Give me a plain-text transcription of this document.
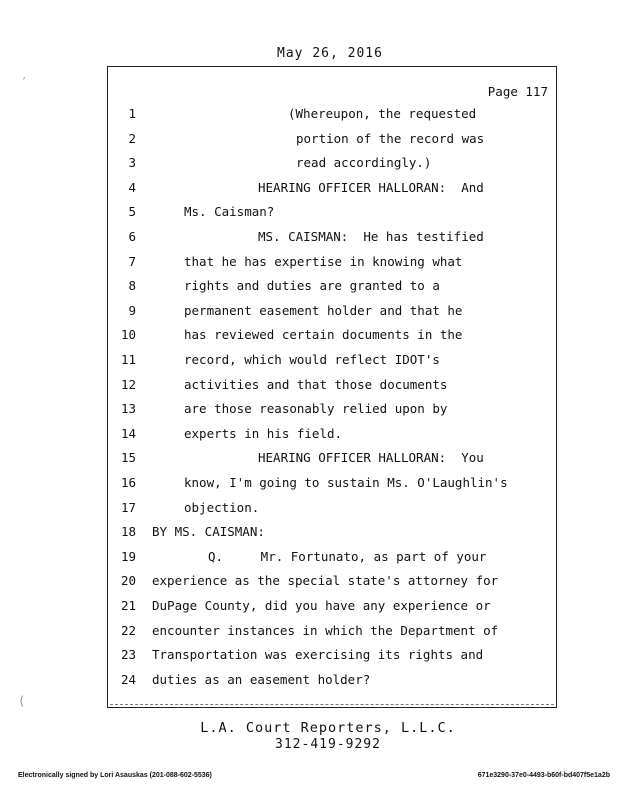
May 26, 2016
Page 117
1	(Whereupon, the requested
2	portion of the record was
3	read accordingly.)
4	HEARING OFFICER HALLORAN:  And
5	Ms. Caisman?
6	MS. CAISMAN:  He has testified
7	that he has expertise in knowing what
8	rights and duties are granted to a
9	permanent easement holder and that he
10	has reviewed certain documents in the
11	record, which would reflect IDOT's
12	activities and that those documents
13	are those reasonably relied upon by
14	experts in his field.
15	HEARING OFFICER HALLORAN:  You
16	know, I'm going to sustain Ms. O'Laughlin's
17	objection.
18 BY MS. CAISMAN:
19	Q.     Mr. Fortunato, as part of your
20 experience as the special state's attorney for
21 DuPage County, did you have any experience or
22 encounter instances in which the Department of
23 Transportation was exercising its rights and
24 duties as an easement holder?
L.A. Court Reporters, L.L.C.
312-419-9292
Electronically signed by Lori Asauskas (201-088-602-5536)	671e3290-37e0-4493-b60f-bd407f5e1a2b
´
(
